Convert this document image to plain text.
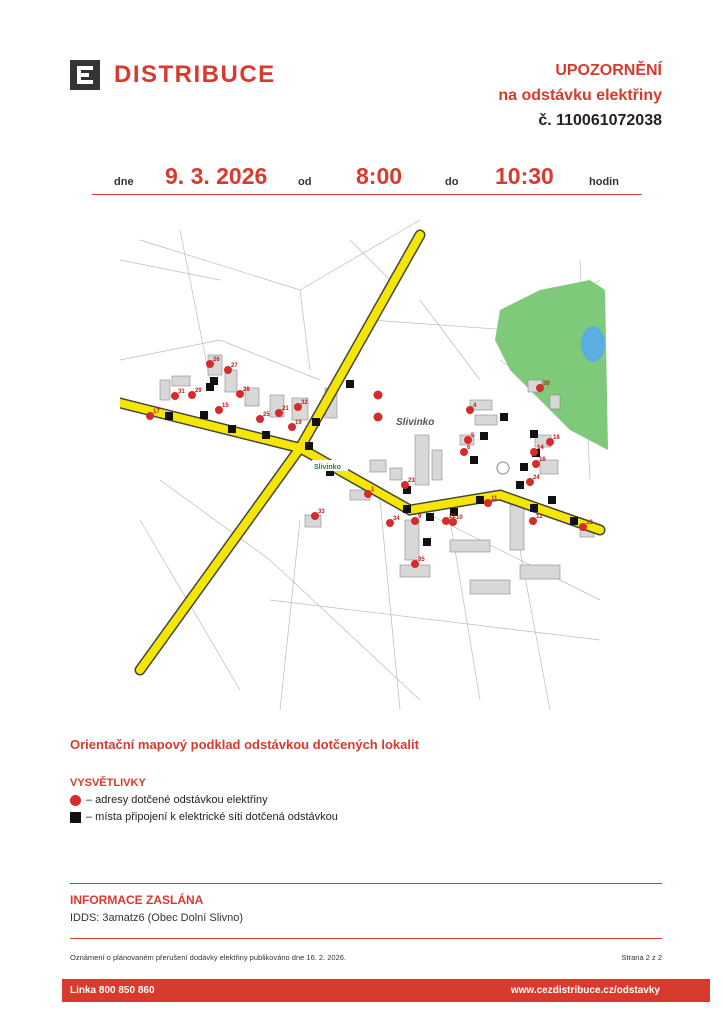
DISTRIBUCE	UPOZORNĚNÍ
na odstávku elektřiny
č. 110061072038
dne 9. 3. 2026	od 8:00	do 10:30	hodin
1
4
5
6
9	10
11
12
13
14
15
16
17
18
19
21
22
23	24
25
26
27
28
29
30
31
32
33
34
35
Slivinko
Slivinko
Orientační mapový podklad odstávkou dotčených lokalit
VYSVĚTLIVKY
– adresy dotčené odstávkou elektřiny
– místa připojení k elektrické síti dotčená odstávkou
INFORMACE ZASLÁNA
IDDS: 3amatz6 (Obec Dolní Slivno)
Oznámení o plánovaném přerušení dodávky elektřiny publikováno dne 16. 2. 2026.	Strana 2 z 2
Linka 800 850 860	www.cezdistribuce.cz/odstavky
